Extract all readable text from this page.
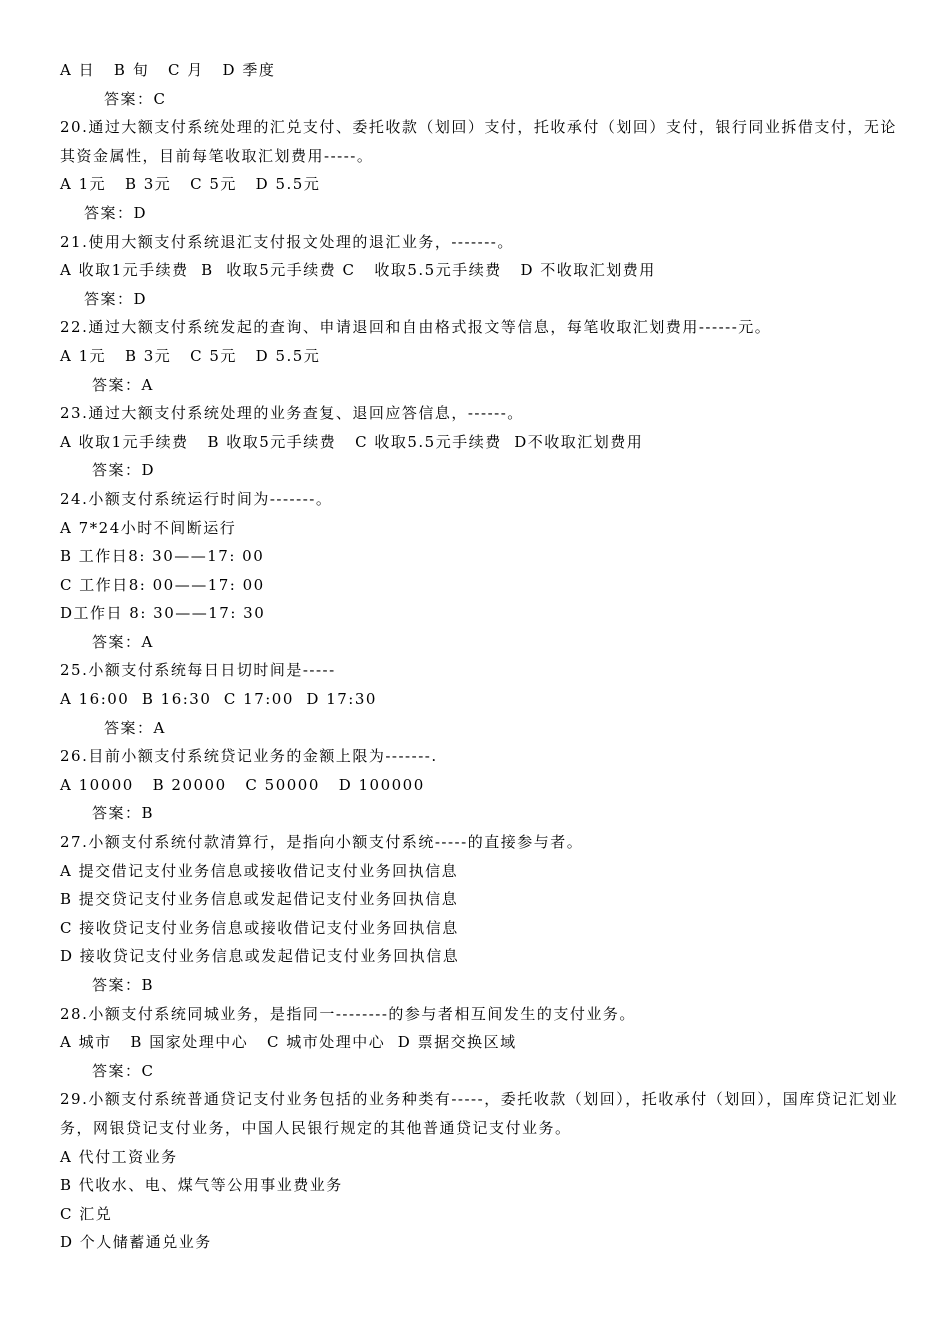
A 日   B 旬   C 月   D 季度
答案：C
20.通过大额支付系统处理的汇兑支付、委托收款（划回）支付，托收承付（划回）支付，银行同业拆借支付，无论其资金属性，目前每笔收取汇划费用-----。
A 1元   B 3元   C 5元   D 5.5元
答案：D
21.使用大额支付系统退汇支付报文处理的退汇业务，-------。
A 收取1元手续费  B  收取5元手续费 C   收取5.5元手续费   D 不收取汇划费用
答案：D
22.通过大额支付系统发起的查询、申请退回和自由格式报文等信息，每笔收取汇划费用------元。
A 1元   B 3元   C 5元   D 5.5元
答案：A
23.通过大额支付系统处理的业务查复、退回应答信息，------。
A 收取1元手续费   B 收取5元手续费   C 收取5.5元手续费  D不收取汇划费用
答案：D
24.小额支付系统运行时间为-------。
A 7*24小时不间断运行
B 工作日8: 30——17: 00
C 工作日8: 00——17: 00
D工作日 8: 30——17: 30
答案：A
25.小额支付系统每日日切时间是-----
A 16:00  B 16:30  C 17:00  D 17:30
答案：A
26.目前小额支付系统贷记业务的金额上限为-------.
A 10000   B 20000   C 50000   D 100000
答案：B
27.小额支付系统付款清算行，是指向小额支付系统-----的直接参与者。
A 提交借记支付业务信息或接收借记支付业务回执信息
B 提交贷记支付业务信息或发起借记支付业务回执信息
C 接收贷记支付业务信息或接收借记支付业务回执信息
D 接收贷记支付业务信息或发起借记支付业务回执信息
答案：B
28.小额支付系统同城业务，是指同一--------的参与者相互间发生的支付业务。
A 城市   B 国家处理中心   C 城市处理中心  D 票据交换区域
答案：C
29.小额支付系统普通贷记支付业务包括的业务种类有-----，委托收款（划回），托收承付（划回），国库贷记汇划业务，网银贷记支付业务，中国人民银行规定的其他普通贷记支付业务。
A 代付工资业务
B 代收水、电、煤气等公用事业费业务
C 汇兑
D 个人储蓄通兑业务
